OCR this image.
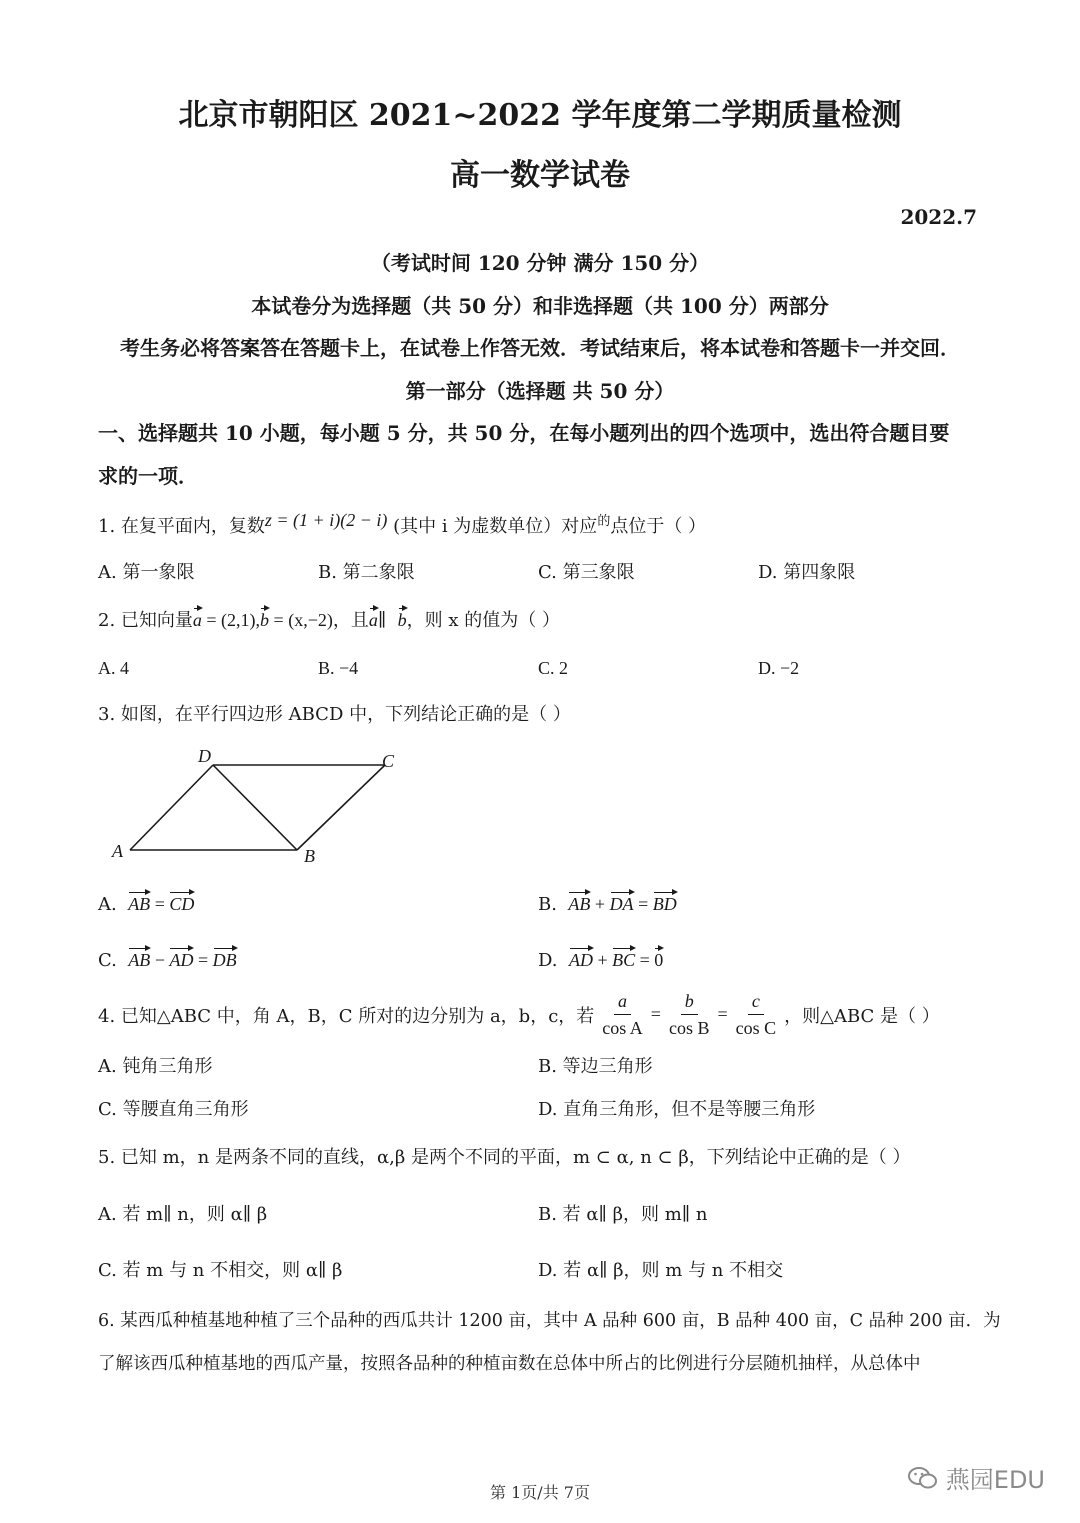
北京市朝阳区 2021~2022 学年度第二学期质量检测
高一数学试卷
2022.7
（考试时间 120 分钟 满分 150 分）
本试卷分为选择题（共 50 分）和非选择题（共 100 分）两部分
考生务必将答案答在答题卡上，在试卷上作答无效．考试结束后，将本试卷和答题卡一并交回．
第一部分（选择题 共 50 分）
一、选择题共 10 小题，每小题 5 分，共 50 分，在每小题列出的四个选项中，选出符合题目要
求的一项．
1. 在复平面内，复数z = (1 + i)(2 − i) (其中 i 为虚数单位）对应$^的$点位于（ ）
A. 第一象限	B. 第二象限	C. 第三象限	D. 第四象限
2. 已知向量a = (2,1),b = (x,−2)，且a∥ b，则 x 的值为（ ）
A. 4	B. −4	C. 2	D. −2
3. 如图，在平行四边形 ABCD 中，下列结论正确的是（ ）
A	B
C
D
A. AB = CD	B. AB + DA = BD
C. AB − AD = DB	D. AD + BC = 0
4. 已知△ABC 中，角 A，B，C 所对的边分别为 a，b，c，若 $\frac{a}{\text{cos A}} = \frac{b}{\text{cos B}} = \frac{c}{\text{cos C}}$ ，则△ABC 是（ ）
A. 钝角三角形	B. 等边三角形
C. 等腰直角三角形	D. 直角三角形，但不是等腰三角形
5. 已知 m，n 是两条不同的直线，α,β 是两个不同的平面，m ⊂ α, n ⊂ β，下列结论中正确的是（ ）
A. 若 m∥ n，则 α∥ β	B. 若 α∥ β，则 m∥ n
C. 若 m 与 n 不相交，则 α∥ β	D. 若 α∥ β，则 m 与 n 不相交
6. 某西瓜种植基地种植了三个品种的西瓜共计 1200 亩，其中 A 品种 600 亩，B 品种 400 亩，C 品种 200 亩．为
了解该西瓜种植基地的西瓜产量，按照各品种的种植亩数在总体中所占的比例进行分层随机抽样，从总体中
燕园EDU
第 1页/共 7页
